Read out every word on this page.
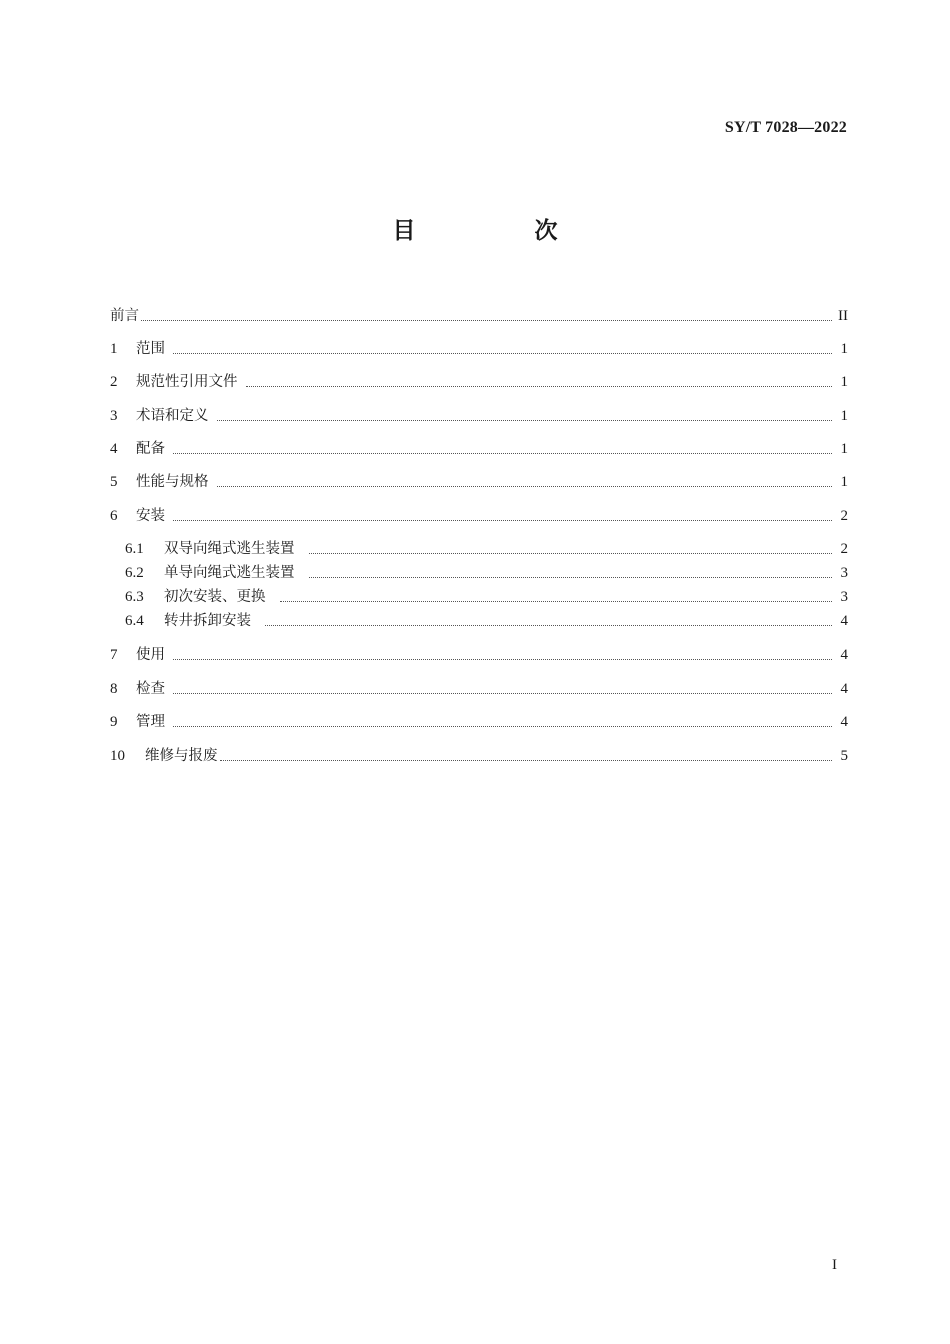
SY/T 7028—2022
目　次
前言	II
1	范围	1
2	规范性引用文件	1
3	术语和定义	1
4	配备	1
5	性能与规格	1
6	安装	2
6.1	双导向绳式逃生装置	2
6.2	单导向绳式逃生装置	3
6.3	初次安装、更换	3
6.4	转井拆卸安装	4
7	使用	4
8	检查	4
9	管理	4
10	维修与报废	5
I
